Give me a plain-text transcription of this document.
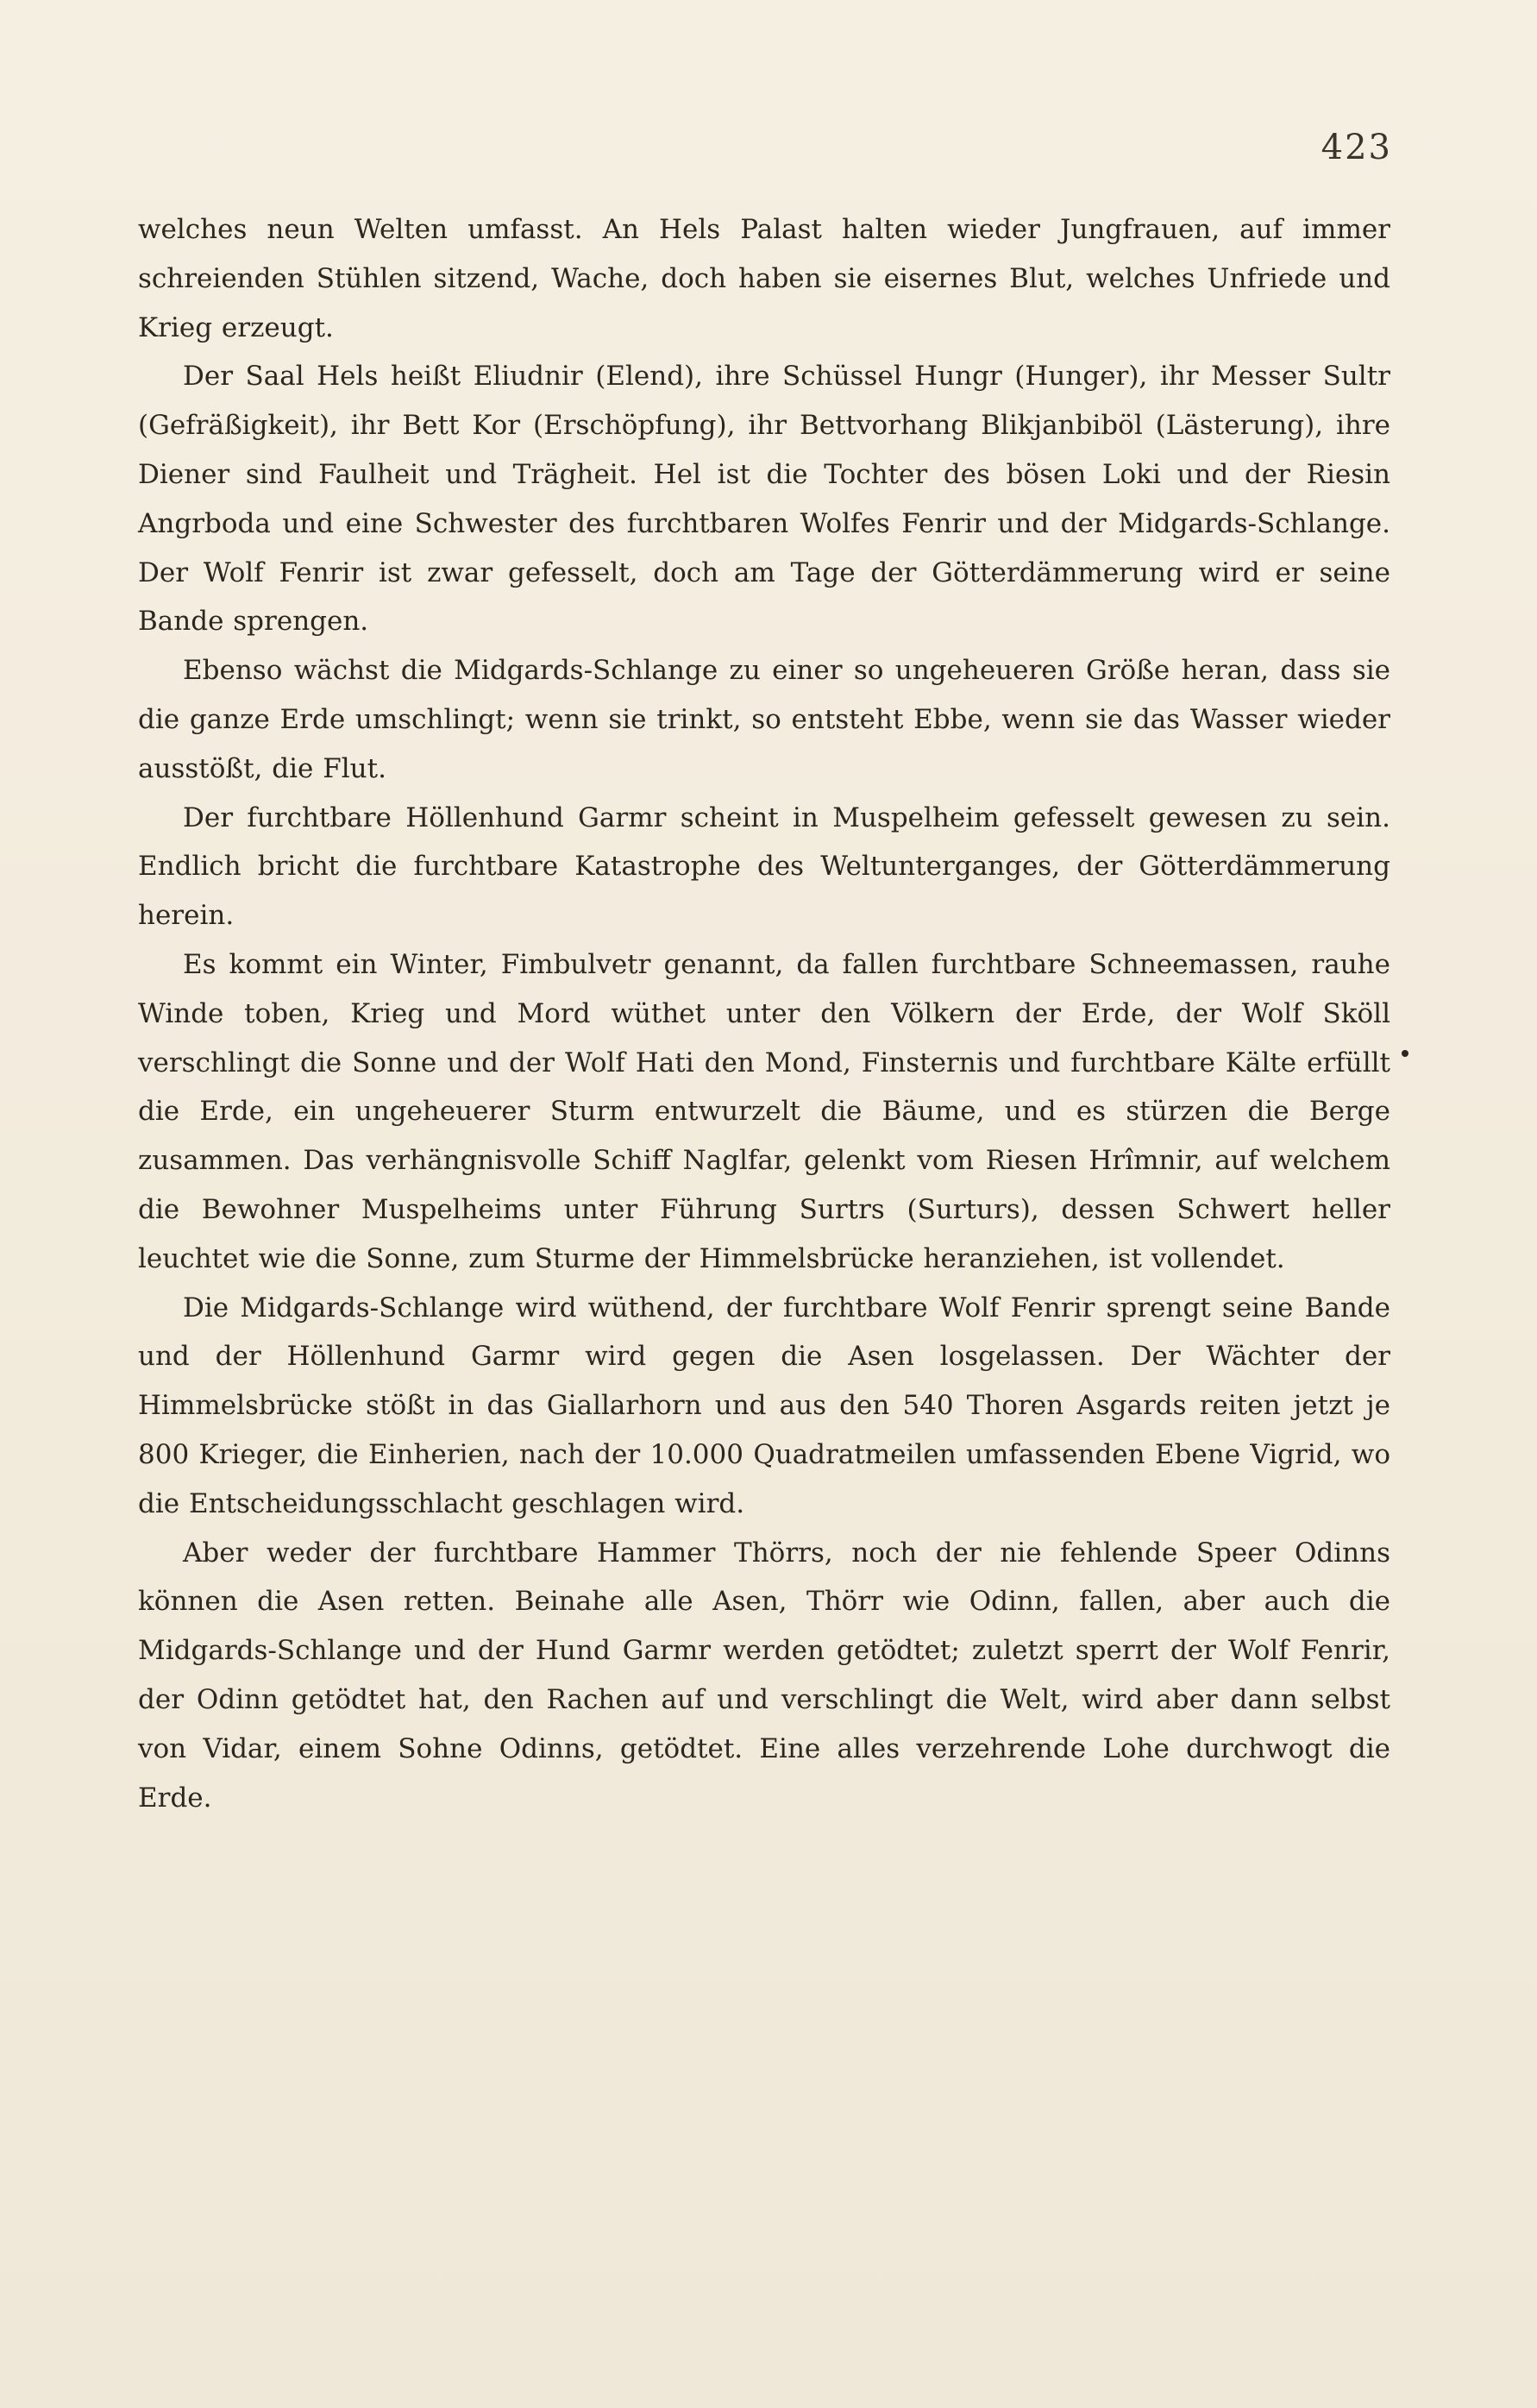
423

welches neun Welten umfasst. An Hels Palast halten wieder Jungfrauen, auf immer schreienden Stühlen sitzend, Wache, doch haben sie eisernes Blut, welches Unfriede und Krieg erzeugt.

Der Saal Hels heißt Eliudnir (Elend), ihre Schüssel Hungr (Hunger), ihr Messer Sultr (Gefräßigkeit), ihr Bett Kor (Erschöpfung), ihr Bettvorhang Blikjanbiböl (Lästerung), ihre Diener sind Faulheit und Trägheit. Hel ist die Tochter des bösen Loki und der Riesin Angrboda und eine Schwester des furchtbaren Wolfes Fenrir und der Midgards-Schlange. Der Wolf Fenrir ist zwar gefesselt, doch am Tage der Götterdämmerung wird er seine Bande sprengen.

Ebenso wächst die Midgards-Schlange zu einer so ungeheueren Größe heran, dass sie die ganze Erde umschlingt; wenn sie trinkt, so entsteht Ebbe, wenn sie das Wasser wieder ausstößt, die Flut.

Der furchtbare Höllenhund Garmr scheint in Muspelheim gefesselt gewesen zu sein. Endlich bricht die furchtbare Katastrophe des Weltunterganges, der Götterdämmerung herein.

Es kommt ein Winter, Fimbulvetr genannt, da fallen furchtbare Schneemassen, rauhe Winde toben, Krieg und Mord wüthet unter den Völkern der Erde, der Wolf Sköll verschlingt die Sonne und der Wolf Hati den Mond, Finsternis und furchtbare Kälte erfüllt die Erde, ein ungeheuerer Sturm entwurzelt die Bäume, und es stürzen die Berge zusammen. Das verhängnisvolle Schiff Naglfar, gelenkt vom Riesen Hrîmnir, auf welchem die Bewohner Muspelheims unter Führung Surtrs (Surturs), dessen Schwert heller leuchtet wie die Sonne, zum Sturme der Himmelsbrücke heranziehen, ist vollendet.

Die Midgards-Schlange wird wüthend, der furchtbare Wolf Fenrir sprengt seine Bande und der Höllenhund Garmr wird gegen die Asen losgelassen. Der Wächter der Himmelsbrücke stößt in das Giallarhorn und aus den 540 Thoren Asgards reiten jetzt je 800 Krieger, die Einherien, nach der 10.000 Quadratmeilen umfassenden Ebene Vigrid, wo die Entscheidungsschlacht geschlagen wird.

Aber weder der furchtbare Hammer Thörrs, noch der nie fehlende Speer Odinns können die Asen retten. Beinahe alle Asen, Thörr wie Odinn, fallen, aber auch die Midgards-Schlange und der Hund Garmr werden getödtet; zuletzt sperrt der Wolf Fenrir, der Odinn getödtet hat, den Rachen auf und verschlingt die Welt, wird aber dann selbst von Vidar, einem Sohne Odinns, getödtet. Eine alles verzehrende Lohe durchwogt die Erde.
